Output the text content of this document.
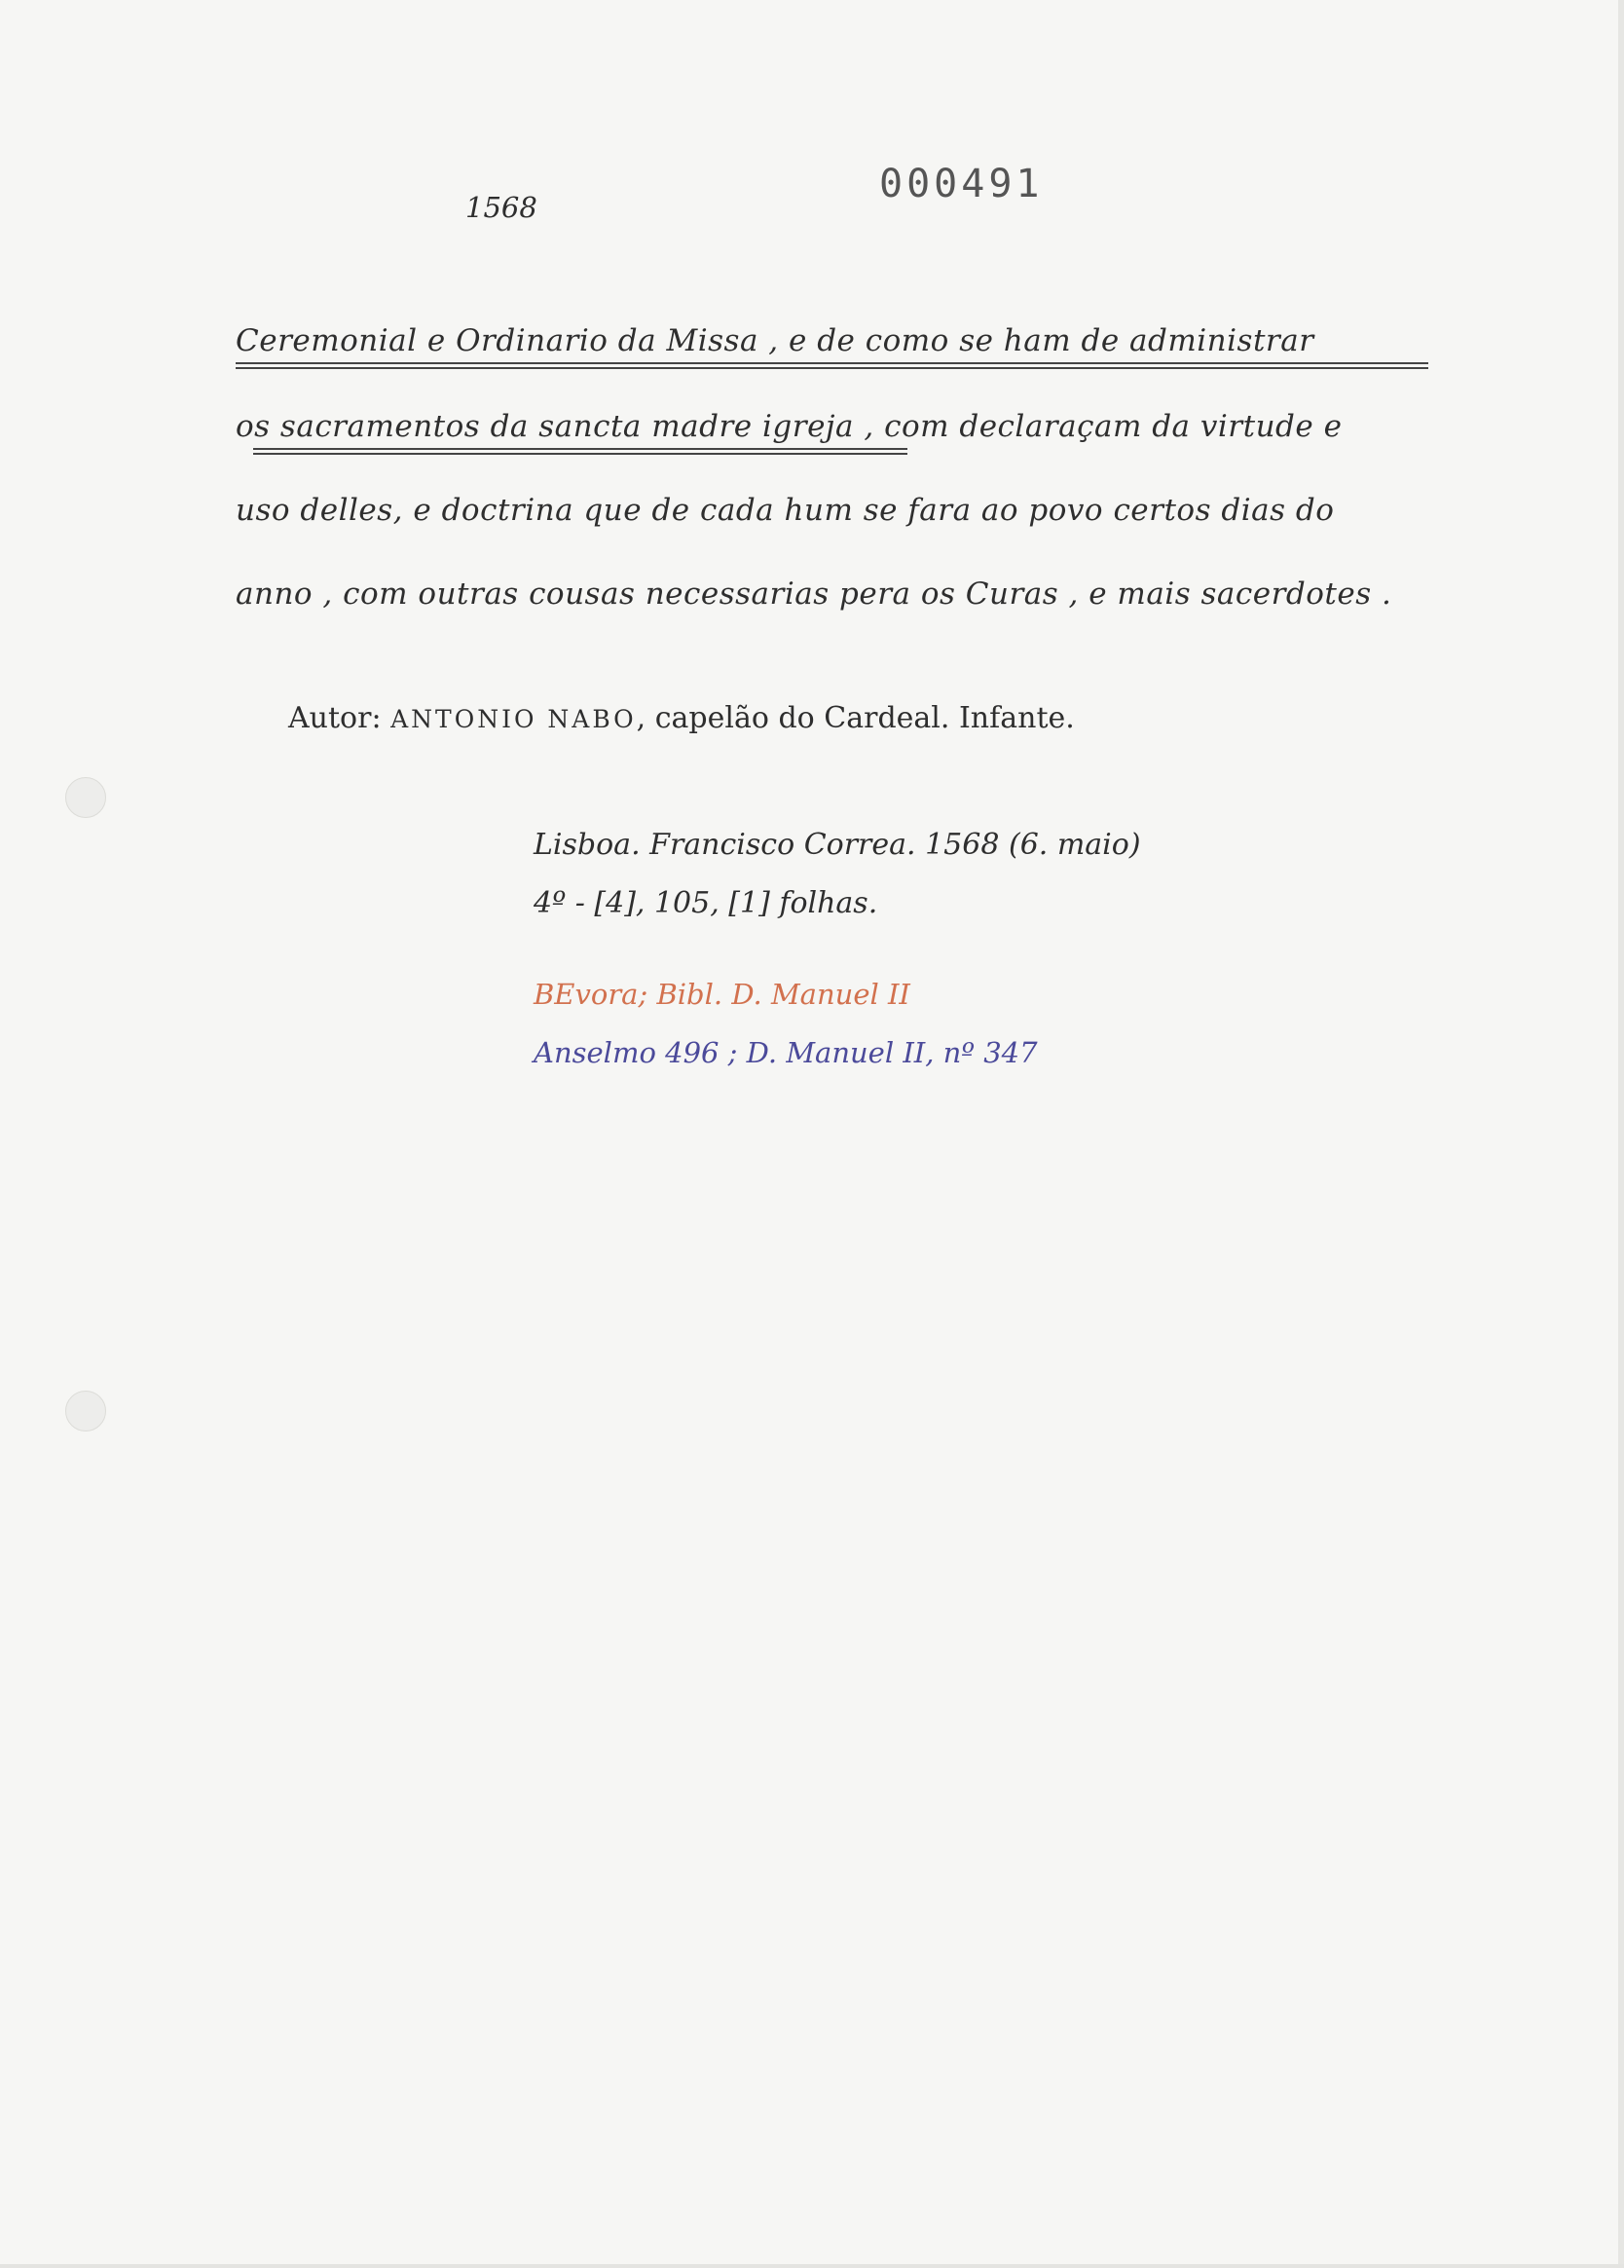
1568
000491
Ceremonial e Ordinario da Missa , e de como se ham de administrar
os sacramentos da sancta madre igreja , com declaraçam da virtude e
uso delles, e doctrina que de cada hum se fara ao povo certos dias do
anno , com outras cousas necessarias pera os Curas , e mais sacerdotes .
Autor: ANTONIO NABO, capelão do Cardeal. Infante.
Lisboa. Francisco Correa. 1568 (6. maio)
4º - [4], 105, [1] folhas.
BEvora; Bibl. D. Manuel II
Anselmo 496 ; D. Manuel II, nº 347
